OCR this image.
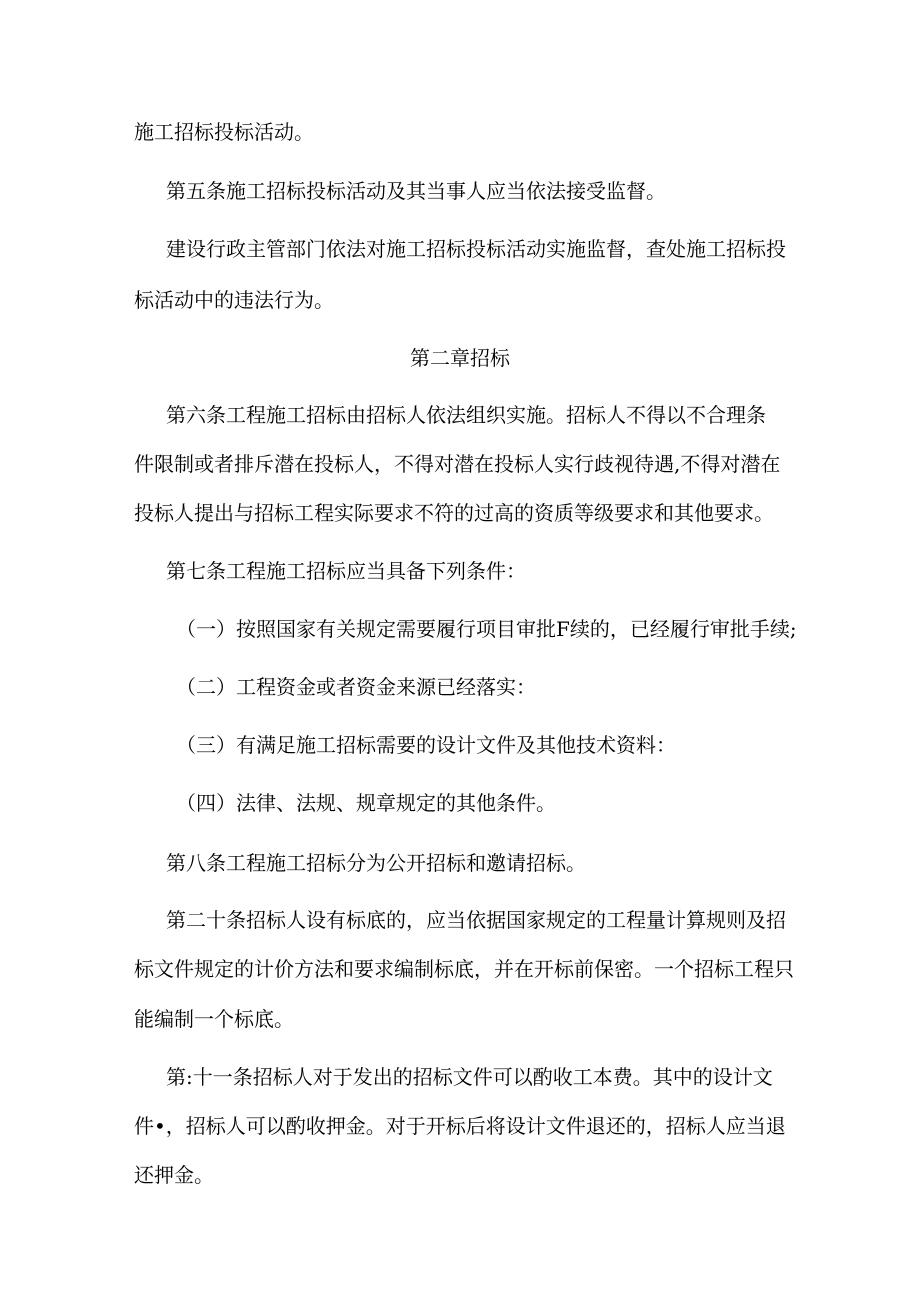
施工招标投标活动。
第五条施工招标投标活动及其当事人应当依法接受监督。
建设行政主管部门依法对施工招标投标活动实施监督，查处施工招标投
标活动中的违法行为。
第二章招标
第六条工程施工招标由招标人依法组织实施。招标人不得以不合理条
件限制或者排斥潜在投标人，不得对潜在投标人实行歧视待遇,不得对潜在
投标人提出与招标工程实际要求不符的过高的资质等级要求和其他要求。
第七条工程施工招标应当具备下列条件：
（一）按照国家有关规定需要履行项目审批F续的，已经履行审批手续;
（二）工程资金或者资金来源已经落实：
（三）有满足施工招标需要的设计文件及其他技术资料：
（四）法律、法规、规章规定的其他条件。
第八条工程施工招标分为公开招标和邀请招标。
第二十条招标人设有标底的，应当依据国家规定的工程量计算规则及招
标文件规定的计价方法和要求编制标底，并在开标前保密。一个招标工程只
能编制一个标底。
第:十一条招标人对于发出的招标文件可以酌收工本费。其中的设计文
件•，招标人可以酌收押金。对于开标后将设计文件退还的，招标人应当退
还押金。
